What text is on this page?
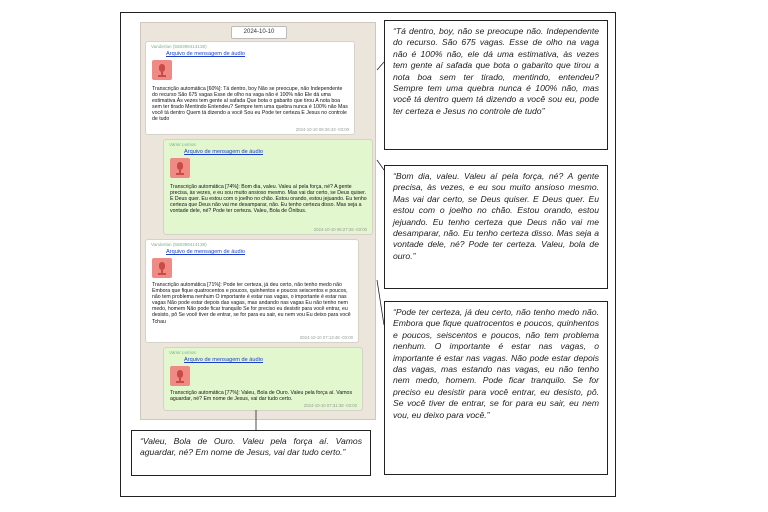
2024-10-10
Vanderlan (558399414138)
Arquivo de mensagem de áudio
Transcrição automática [60%]: Tá dentro, boy Não se preocupe, não Independente do recurso São 675 vagas Esse de olho na vaga não é 100% não Ele dá uma estimativa Às vezes tem gente aí safada Que bota o gabarito que tirou A nota boa sem ter tirado Mentindo Entendeu? Sempre tem uma quebra nunca é 100% não Mas você tá dentro Quem tá dizendo a você Sou eu Pode ter certeza E Jesus no controle de tudo
2024-10-10 06:26:43 -03:00
Vamir Lemos
Arquivo de mensagem de áudio
Transcrição automática [74%]: Bom dia, valeu. Valeu aí pela força, né? A gente precisa, às vezes, e eu sou muito ansioso mesmo. Mas vai dar certo, se Deus quiser. E Deus quer. Eu estou com o joelho no chão. Estou orando, estou jejuando. Eu tenho certeza que Deus não vai me desamparar, não. Eu tenho certeza disso. Mas seja a vontade dele, né? Pode ter certeza. Valeu, Bola de Ônibus.
2024-10-10 06:27:28 -03:00
Vanderlan (558399414138)
Arquivo de mensagem de áudio
Transcrição automática [71%]: Pode ter certeza, já deu certo, não tenho medo não Embora que fique quatrocentos e poucos, quinhentos e poucos seiscentos e poucos, não tem problema nenhum O importante é estar nas vagas, o importante é estar nas vagas Não pode estar depois das vagas, mas andando nas vagas Eu não tenho nem medo, homem Não pode ficar tranquilo Se for preciso eu desistir para você entrar, eu desisto, pô Se você tiver de entrar, se for para eu sair, eu nem vou Eu deixo para você Tchau
2024-10-10 07:13:48 -03:00
Vamir Lemos
Arquivo de mensagem de áudio
Transcrição automática [77%]: Valeu, Bola de Ouro. Valeu pela força aí. Vamos aguardar, né? Em nome de Jesus, vai dar tudo certo.
2024-10-10 07:31:38 -03:00
“Tá dentro, boy, não se preocupe não. Independente do recurso. São 675 vagas. Esse de olho na vaga não é 100% não, ele dá uma estimativa, às vezes tem gente aí safada que bota o gabarito que tirou a nota boa sem ter tirado, mentindo, entendeu? Sempre tem uma quebra nunca é 100% não, mas você tá dentro quem tá dizendo a você sou eu, pode ter certeza e Jesus no controle de tudo”
“Bom dia, valeu. Valeu aí pela força, né? A gente precisa, às vezes, e eu sou muito ansioso mesmo. Mas vai dar certo, se Deus quiser. E Deus quer. Eu estou com o joelho no chão. Estou orando, estou jejuando. Eu tenho certeza que Deus não vai me desamparar, não. Eu tenho certeza disso. Mas seja a vontade dele, né? Pode ter certeza. Valeu, bola de ouro.”
“Pode ter certeza, já deu certo, não tenho medo não. Embora que fique quatrocentos e poucos, quinhentos e poucos, seiscentos e poucos, não tem problema nenhum. O importante é estar nas vagas, o importante é estar nas vagas. Não pode estar depois das vagas, mas estando nas vagas, eu não tenho nem medo, homem. Pode ficar tranquilo. Se for preciso eu desistir para você entrar, eu desisto, pô. Se você tiver de entrar, se for para eu sair, eu nem vou, eu deixo para você.”
“Valeu, Bola de Ouro. Valeu pela força aí. Vamos aguardar, né? Em nome de Jesus, vai dar tudo certo.”
